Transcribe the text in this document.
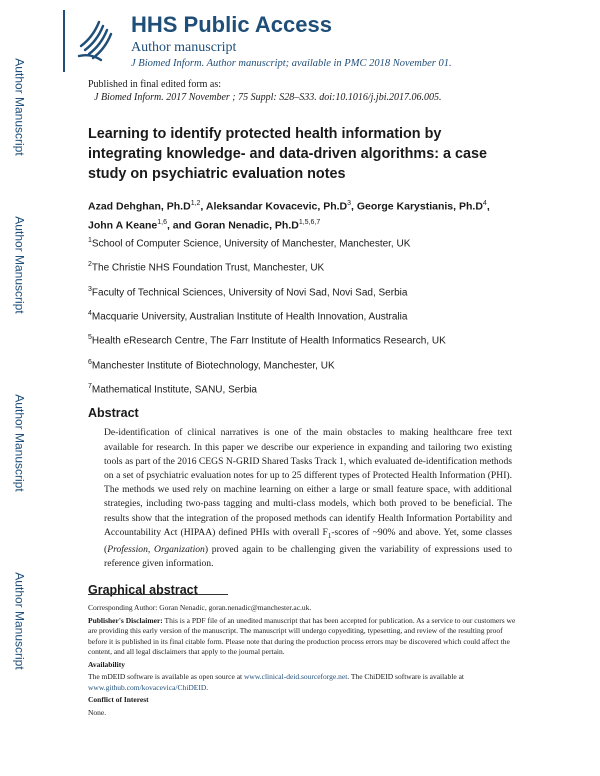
Author Manuscript
Author Manuscript
Author Manuscript
Author Manuscript
HHS Public Access
Author manuscript
J Biomed Inform. Author manuscript; available in PMC 2018 November 01.
Published in final edited form as:
J Biomed Inform. 2017 November ; 75 Suppl: S28–S33. doi:10.1016/j.jbi.2017.06.005.
Learning to identify protected health information by integrating knowledge- and data-driven algorithms: a case study on psychiatric evaluation notes
Azad Dehghan, $Ph.D^{1,2}$, Aleksandar Kovacevic, $Ph.D^3$, George Karystianis, $Ph.D^4$, John A Keane$^{1,6}$, and Goran Nenadic, $Ph.D^{1,5,6,7}$
$^1$School of Computer Science, University of Manchester, Manchester, UK
$^2$The Christie NHS Foundation Trust, Manchester, UK
$^3$Faculty of Technical Sciences, University of Novi Sad, Novi Sad, Serbia
$^4$Macquarie University, Australian Institute of Health Innovation, Australia
$^5$Health eResearch Centre, The Farr Institute of Health Informatics Research, UK
$^6$Manchester Institute of Biotechnology, Manchester, UK
$^7$Mathematical Institute, SANU, Serbia
Abstract
De-identification of clinical narratives is one of the main obstacles to making healthcare free text available for research. In this paper we describe our experience in expanding and tailoring two existing tools as part of the 2016 CEGS N-GRID Shared Tasks Track 1, which evaluated de-identification methods on a set of psychiatric evaluation notes for up to 25 different types of Protected Health Information (PHI). The methods we used rely on machine learning on either a large or small feature space, with additional strategies, including two-pass tagging and multi-class models, which both proved to be beneficial. The results show that the integration of the proposed methods can identify Health Information Portability and Accountability Act (HIPAA) defined PHIs with overall $F_1$-scores of ~90% and above. Yet, some classes (Profession, Organization) proved again to be challenging given the variability of expressions used to reference given information.
Graphical abstract

Corresponding Author: Goran Nenadic, goran.nenadic@manchester.ac.uk.

Publisher's Disclaimer: This is a PDF file of an unedited manuscript that has been accepted for publication. As a service to our customers we are providing this early version of the manuscript. The manuscript will undergo copyediting, typesetting, and review of the resulting proof before it is published in its final citable form. Please note that during the production process errors may be discovered which could affect the content, and all legal disclaimers that apply to the journal pertain.

Availability

The mDEID software is available as open source at www.clinical-deid.sourceforge.net. The ChiDEID software is available at www.github.com/kovacevica/ChiDEID.

Conflict of Interest

None.
